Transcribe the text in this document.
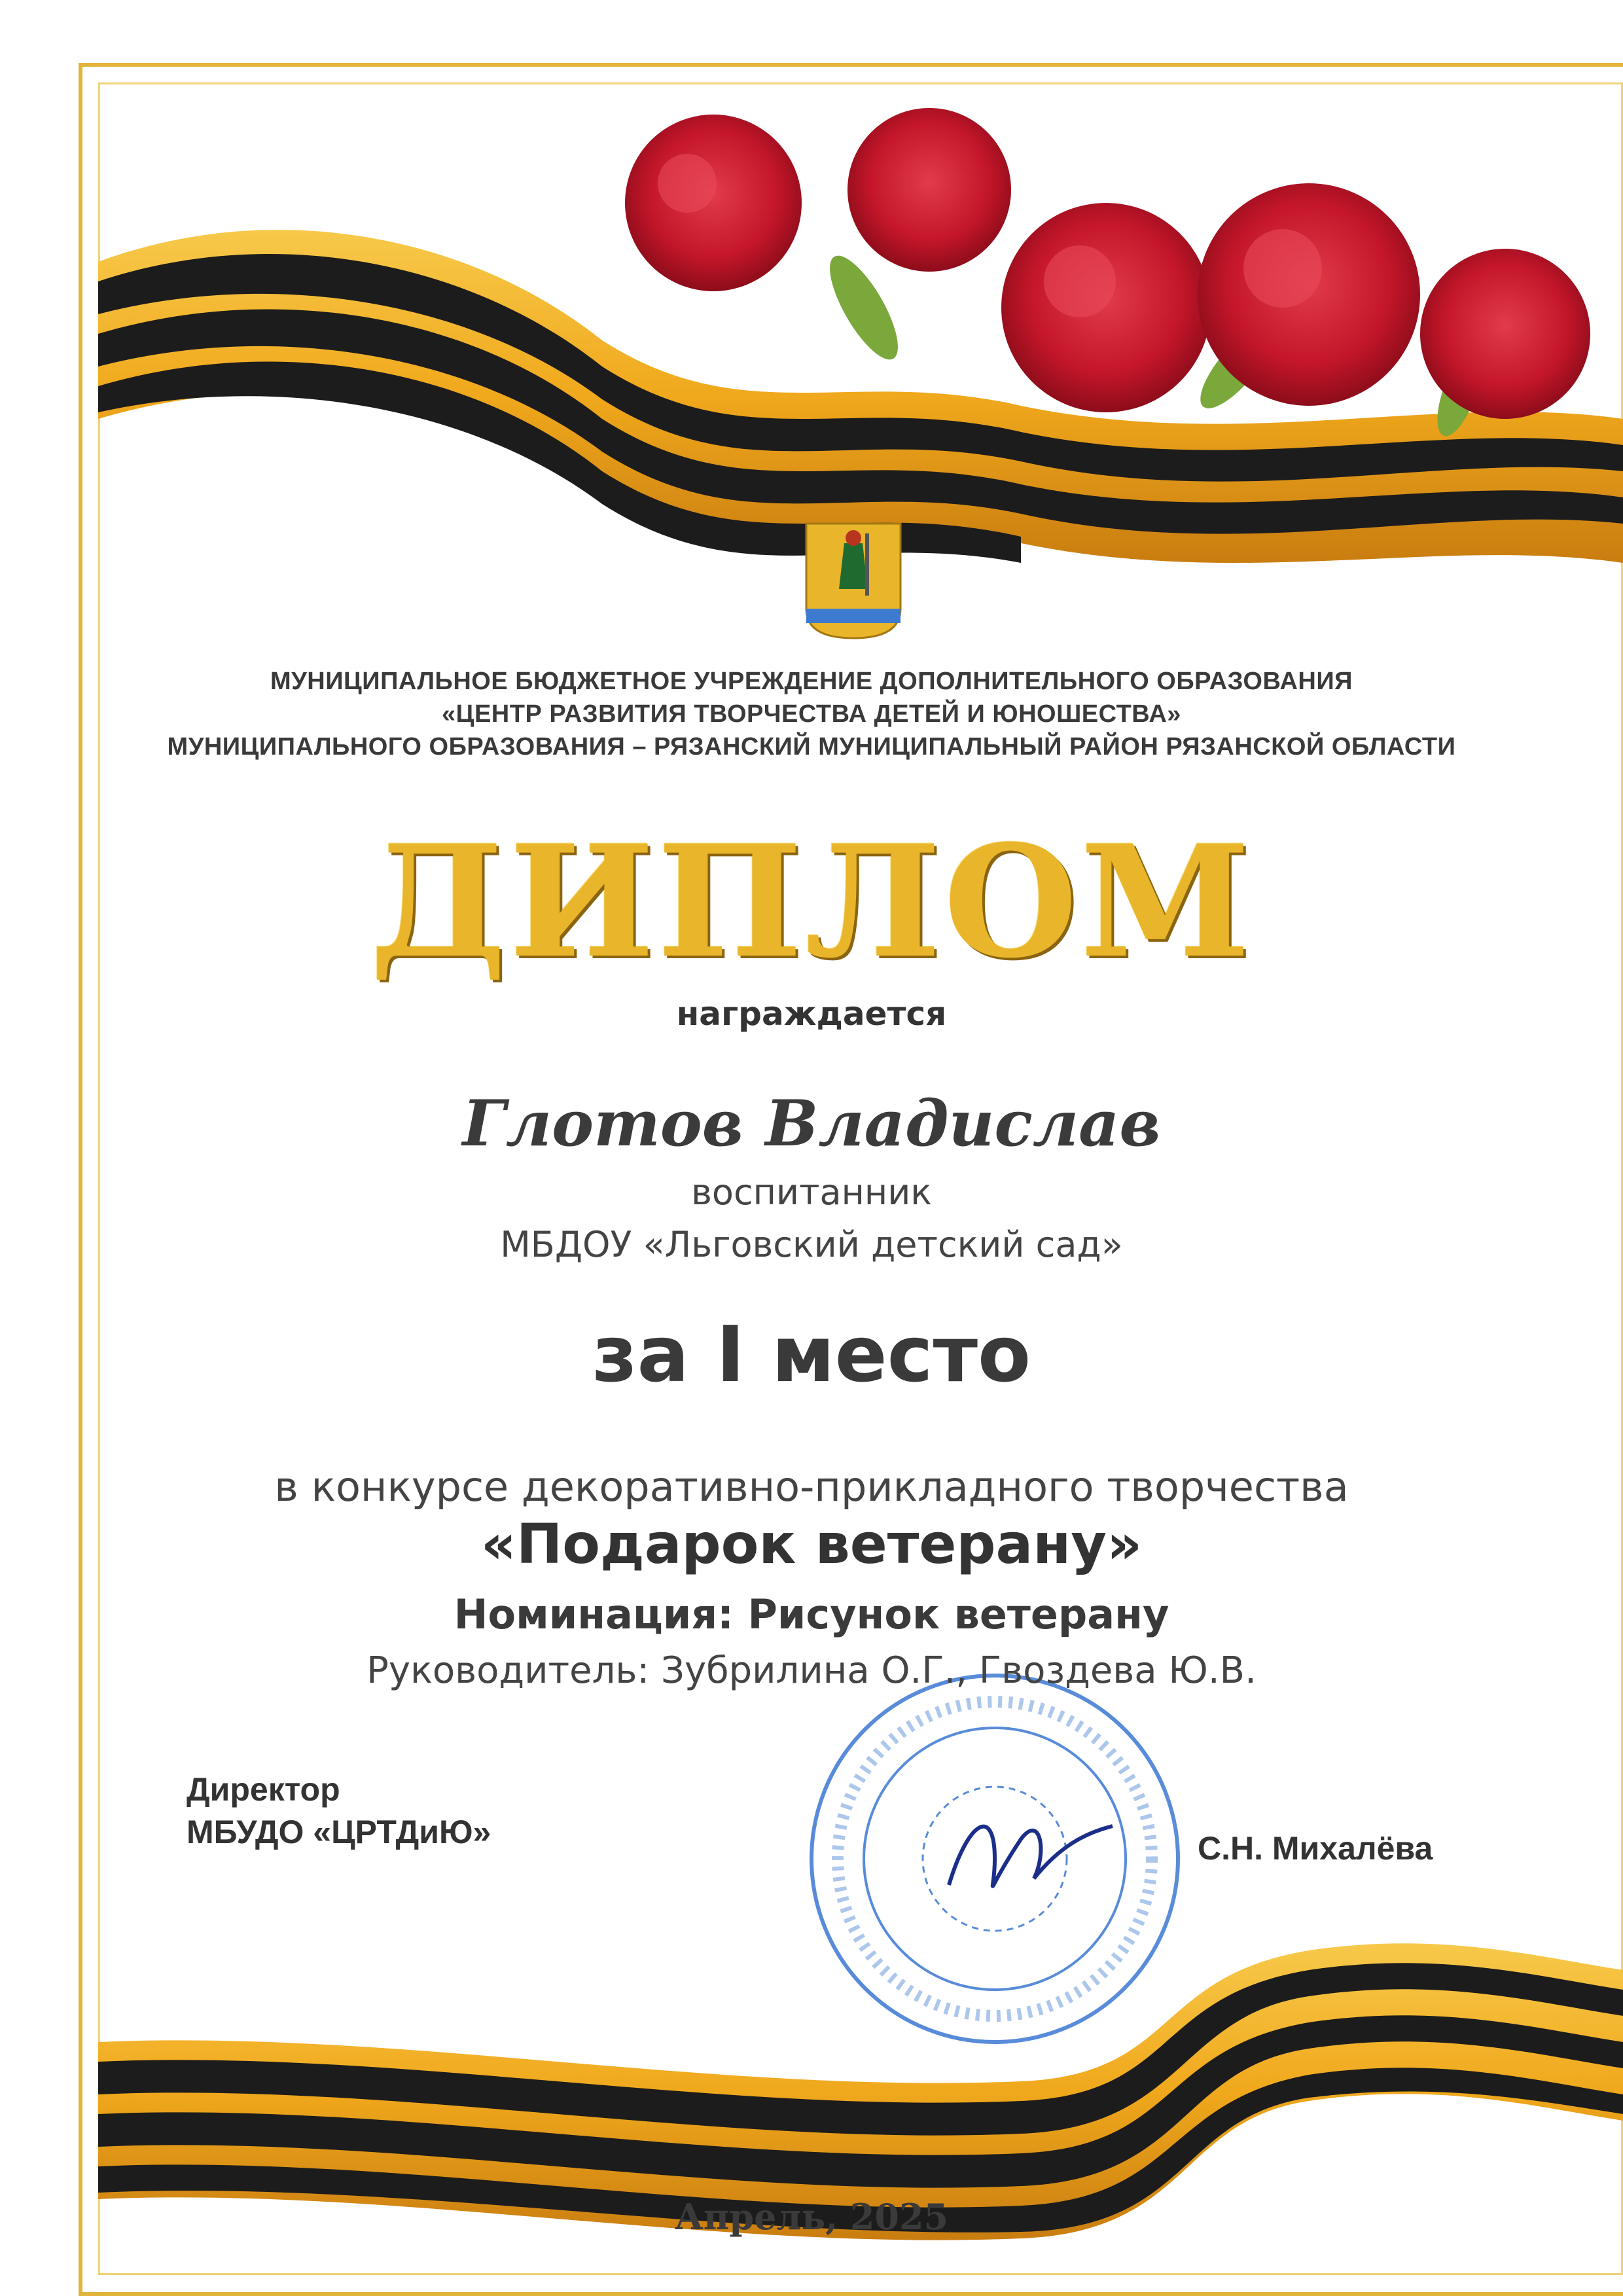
МУНИЦИПАЛЬНОЕ БЮДЖЕТНОЕ УЧРЕЖДЕНИЕ ДОПОЛНИТЕЛЬНОГО ОБРАЗОВАНИЯ
«ЦЕНТР РАЗВИТИЯ ТВОРЧЕСТВА ДЕТЕЙ И ЮНОШЕСТВА»
МУНИЦИПАЛЬНОГО ОБРАЗОВАНИЯ – РЯЗАНСКИЙ МУНИЦИПАЛЬНЫЙ РАЙОН РЯЗАНСКОЙ ОБЛАСТИ
ДИПЛОМ
награждается
Глотов Владислав
воспитанник
МБДОУ «Льговский детский сад»
за I место
в конкурсе декоративно-прикладного творчества
«Подарок ветерану»
Номинация: Рисунок ветерану
Руководитель: Зубрилина О.Г., Гвоздева Ю.В.
Директор
МБУДО «ЦРТДиЮ»	С.Н. Михалёва
Апрель, 2025
